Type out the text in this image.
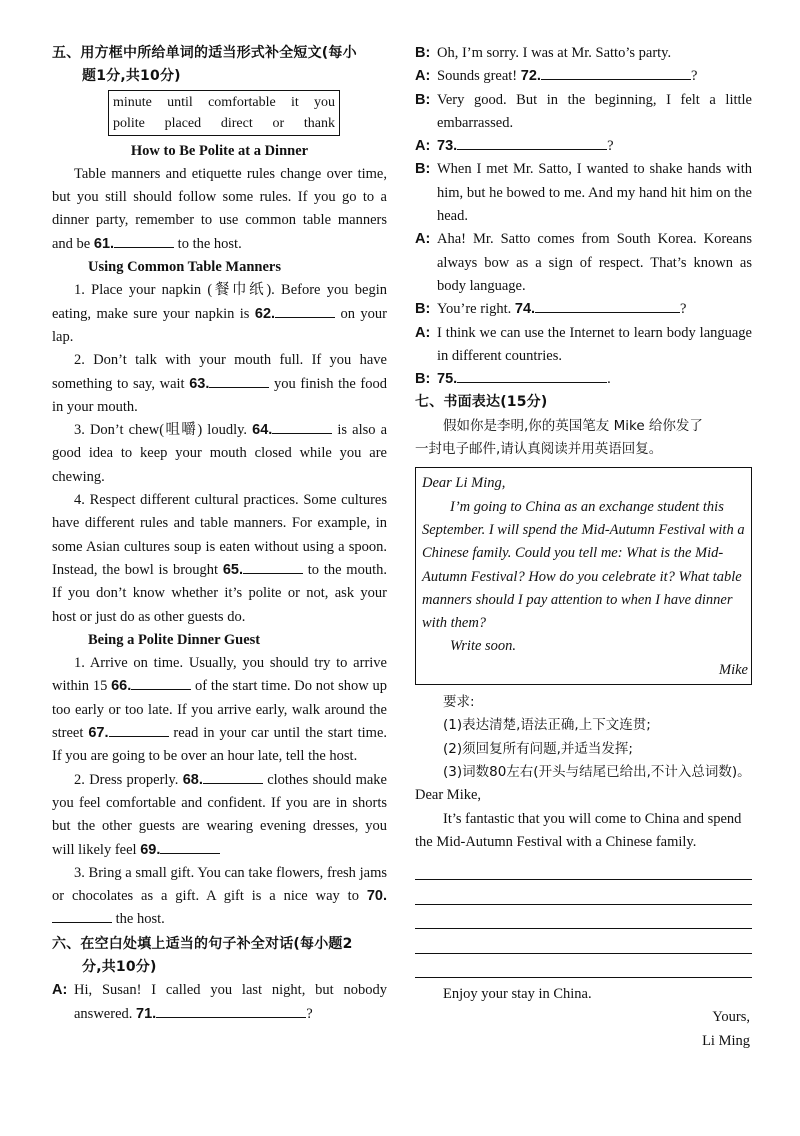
五、用方框中所给单词的适当形式补全短文(每小

题1分,共10分)

minute until comfortable it you
polite placed direct or thank

How to Be Polite at a Dinner

Table manners and etiquette rules change over time, but you still should follow some rules. If you go to a dinner party, remember to use common table manners and be 61.	to the host.

Using Common Table Manners

1. Place your napkin (餐巾纸). Before you begin eating, make sure your napkin is 62.	on your lap.

2. Don’t talk with your mouth full. If you have something to say, wait 63.	you finish the food in your mouth.

3. Don’t chew(咀嚼) loudly. 64.	is also a good idea to keep your mouth closed while you are chewing.

4. Respect different cultural practices. Some cultures have different rules and table manners. For example, in some Asian cultures soup is eaten without using a spoon. Instead, the bowl is brought 65.	to the mouth. If you don’t know whether it’s polite or not, ask your host or just do as other guests do.

Being a Polite Dinner Guest

1. Arrive on time. Usually, you should try to arrive within 15 66.	of the start time. Do not show up too early or too late. If you arrive early, walk around the street 67.	read in your car until the start time. If you are going to be over an hour late, tell the host.

2. Dress properly. 68.	clothes should make you feel comfortable and confident. If you are in shorts but the other guests are wearing evening dresses, you will likely feel 69.

3. Bring a small gift. You can take flowers, fresh jams or chocolates as a gift. A gift is a nice way to 70. the host.

六、在空白处填上适当的句子补全对话(每小题2

分,共10分)

A: Hi, Susan! I called you last night, but nobody answered. 71.	?
B: Oh, I’m sorry. I was at Mr. Satto’s party.
A: Sounds great! 72.	?
B: Very good. But in the beginning, I felt a little embarrassed.
A: 73.	?
B: When I met Mr. Satto, I wanted to shake hands with him, but he bowed to me. And my hand hit him on the head.
A: Aha! Mr. Satto comes from South Korea. Koreans always bow as a sign of respect. That’s known as body language.
B: You’re right. 74.	?
A: I think we can use the Internet to learn body language in different countries.
B: 75.	.

七、书面表达(15分)

假如你是李明,你的英国笔友 Mike 给你发了

一封电子邮件,请认真阅读并用英语回复。

Dear Li Ming,

I’m going to China as an exchange student this September. I will spend the Mid-Autumn Festival with a Chinese family. Could you tell me: What is the Mid-Autumn Festival? How do you celebrate it? What table manners should I pay attention to when I have dinner with them?

Write soon.

Mike

要求:

(1)表达清楚,语法正确,上下文连贯;

(2)须回复所有问题,并适当发挥;

(3)词数80左右(开头与结尾已给出,不计入总词数)。

Dear Mike,

It’s fantastic that you will come to China and spend the Mid-Autumn Festival with a Chinese family.

Enjoy your stay in China.

Yours,

Li Ming
